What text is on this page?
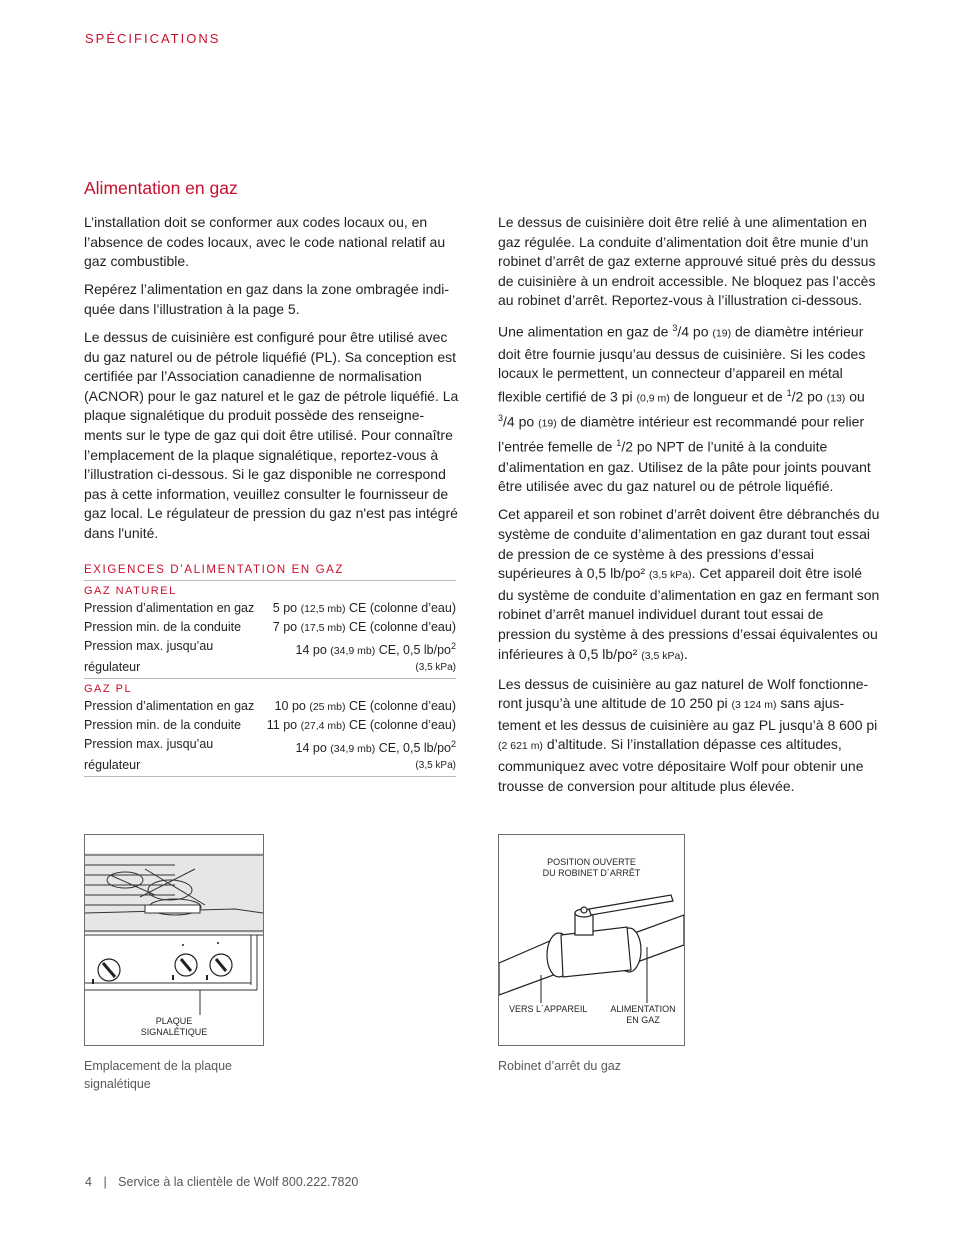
SPÉCIFICATIONS
Alimentation en gaz

L’installation doit se conformer aux codes locaux ou, en l’absence de codes locaux, avec le code national relatif au gaz combustible.

Repérez l’alimentation en gaz dans la zone ombragée indi- quée dans l’illustration à la page 5.

Le dessus de cuisinière est configuré pour être utilisé avec du gaz naturel ou de pétrole liquéfié (PL). Sa conception est certifiée par l’Association canadienne de normalisation (ACNOR) pour le gaz naturel et le gaz de pétrole liquéfié. La plaque signalétique du produit possède des renseigne- ments sur le type de gaz qui doit être utilisé. Pour connaître l’emplacement de la plaque signalétique, reportez-vous à l’illustration ci-dessous. Si le gaz disponible ne correspond pas à cette information, veuillez consulter le fournisseur de gaz local. Le régulateur de pression du gaz n'est pas intégré dans l'unité.

Le dessus de cuisinière doit être relié à une alimentation en gaz régulée. La conduite d’alimentation doit être munie d’un robinet d’arrêt de gaz externe approuvé situé près du dessus de cuisinière à un endroit accessible. Ne bloquez pas l’accès au robinet d’arrêt. Reportez-vous à l’illustration ci-dessous.

Une alimentation en gaz de $^3$/4 po (19) de diamètre intérieur doit être fournie jusqu’au dessus de cuisinière. Si les codes locaux le permettent, un connecteur d’appareil en métal flexible certifié de 3 pi (0,9 m) de longueur et de $^1$/2 po (13) ou $^3$/4 po (19) de diamètre intérieur est recommandé pour relier l’entrée femelle de $^1$/2 po NPT de l’unité à la conduite d’alimentation en gaz. Utilisez de la pâte pour joints pouvant être utilisée avec du gaz naturel ou de pétrole liquéfié.

Cet appareil et son robinet d’arrêt doivent être débranchés du système de conduite d’alimentation en gaz durant tout essai de pression de ce système à des pressions d’essai supérieures à 0,5 lb/po² (3,5 kPa). Cet appareil doit être isolé du système de conduite d’alimentation en gaz en fermant son robinet d’arrêt manuel individuel durant tout essai de pression du système à des pressions d’essai équivalentes ou inférieures à 0,5 lb/po² (3,5 kPa).

Les dessus de cuisinière au gaz naturel de Wolf fonctionne- ront jusqu’à une altitude de 10 250 pi (3 124 m) sans ajus- tement et les dessus de cuisinière au gaz PL jusqu’à 8 600 pi (2 621 m) d’altitude. Si l’installation dépasse ces altitudes, communiquez avec votre dépositaire Wolf pour obtenir une trousse de conversion pour altitude plus élevée.

EXIGENCES D’ALIMENTATION EN GAZ
GAZ NATUREL
Pression d’alimentation en gaz 5 po (12,5 mb) CE (colonne d’eau)
Pression min. de la conduite	7 po (17,5 mb) CE (colonne d’eau)
Pression max. jusqu’au	14 po (34,9 mb) CE, 0,5 $lb/po^2$
régulateur	(3,5 kPa)
GAZ PL
Pression d’alimentation en gaz 10 po (25 mb) CE (colonne d’eau)
Pression min. de la conduite 11 po (27,4 mb) CE (colonne d’eau)
Pression max. jusqu’au	14 po (34,9 mb) CE, 0,5 $lb/po^2$
régulateur	(3,5 kPa)
PLAQUE
SIGNALÉTIQUE
Emplacement de la plaque
signalétique
POSITION OUVERTE
DU ROBINET D´ARRÊT
VERS L´APPAREIL	ALIMENTATION
EN GAZ
Robinet d’arrêt du gaz
4 | Service à la clientèle de Wolf 800.222.7820
